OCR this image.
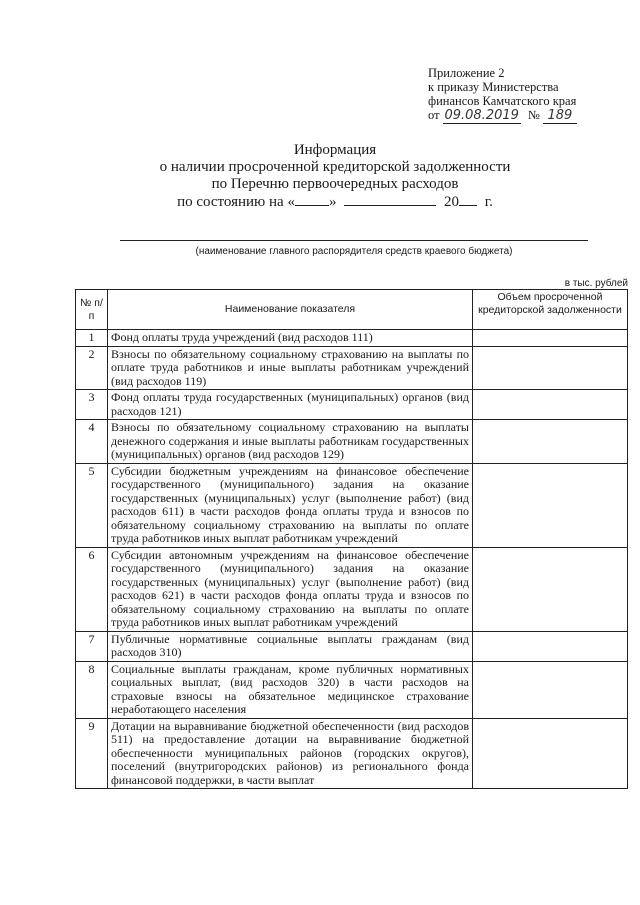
Приложение 2
к приказу Министерства
финансов Камчатского края
от 09.08.2019 № 189
Информация
о наличии просроченной кредиторской задолженности
по Перечню первоочередных расходов
по состоянию на « »	20 г.
(наименование главного распорядителя средств краевого бюджета)
в тыс. рублей
№ п/п	Наименование показателя	Объем просроченной кредиторской задолженности
1	Фонд оплаты труда учреждений (вид расходов 111)	
2	Взносы по обязательному социальному страхованию на выплаты по оплате труда работников и иные выплаты работникам учреждений (вид расходов 119)	
3	Фонд оплаты труда государственных (муниципальных) органов (вид расходов 121)	
4	Взносы по обязательному социальному страхованию на выплаты денежного содержания и иные выплаты работникам государственных (муниципальных) органов (вид расходов 129)	
5	Субсидии бюджетным учреждениям на финансовое обеспечение государственного (муниципального) задания на оказание государственных (муниципальных) услуг (выполнение работ) (вид расходов 611) в части расходов фонда оплаты труда и взносов по обязательному социальному страхованию на выплаты по оплате труда работников иных выплат работникам учреждений	
6	Субсидии автономным учреждениям на финансовое обеспечение государственного (муниципального) задания на оказание государственных (муниципальных) услуг (выполнение работ) (вид расходов 621) в части расходов фонда оплаты труда и взносов по обязательному социальному страхованию на выплаты по оплате труда работников иных выплат работникам учреждений	
7	Публичные нормативные социальные выплаты гражданам (вид расходов 310)	
8	Социальные выплаты гражданам, кроме публичных нормативных социальных выплат, (вид расходов 320) в части расходов на страховые взносы на обязательное медицинское страхование неработающего населения	
9	Дотации на выравнивание бюджетной обеспеченности (вид расходов 511) на предоставление дотации на выравнивание бюджетной обеспеченности муниципальных районов (городских округов), поселений (внутригородских районов) из регионального фонда финансовой поддержки, в части выплат	
